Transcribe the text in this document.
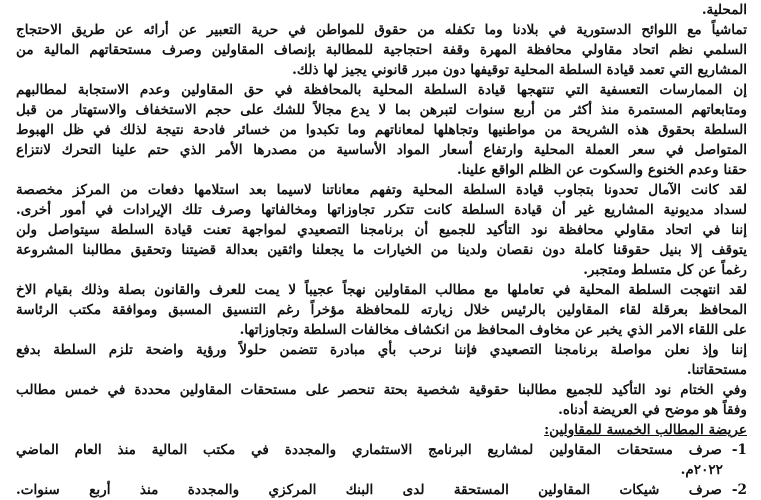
المحلية.
تماشياً مع اللوائح الدستورية في بلادنا وما تكفله من حقوق للمواطن في حرية التعبير عن أرائه عن طريق الاحتجاج
السلمي نظم اتحاد مقاولي محافظة المهرة وقفة احتجاجية للمطالبة بإنصاف المقاولين وصرف مستحقاتهم المالية من
المشاريع التي تعمد قيادة السلطة المحلية توقيفها دون مبرر قانوني يجيز لها ذلك.
إن الممارسات التعسفية التي تنتهجها قيادة السلطة المحلية بالمحافظة في حق المقاولين وعدم الاستجابة لمطالبهم
ومتابعاتهم المستمرة منذ أكثر من أربع سنوات لتبرهن بما لا يدع مجالاً للشك على حجم الاستخفاف والاستهتار من قبل
السلطة بحقوق هذه الشريحة من مواطنيها وتجاهلها لمعاناتهم وما تكبدوا من خسائر فادحة نتيجة لذلك في ظل الهبوط
المتواصل في سعر العملة المحلية وارتفاع أسعار المواد الأساسية من مصدرها الأمر الذي حتم علينا التحرك لانتزاع
حقنا وعدم الخنوع والسكوت عن الظلم الواقع علينا.
لقد كانت الآمال تحدونا بتجاوب قيادة السلطة المحلية وتفهم معاناتنا لاسيما بعد استلامها دفعات من المركز مخصصة
لسداد مديونية المشاريع غير أن قيادة السلطة كانت تتكرر تجاوزاتها ومخالفاتها وصرف تلك الإيرادات في أمور أخرى.
إننا في اتحاد مقاولي محافظة نود التأكيد للجميع أن برنامجنا التصعيدي لمواجهة تعنت قيادة السلطة سيتواصل ولن
يتوقف إلا بنيل حقوقنا كاملة دون نقصان ولدينا من الخيارات ما يجعلنا واثقين بعدالة قضيتنا وتحقيق مطالبنا المشروعة
رغماً عن كل متسلط ومتجبر.
لقد انتهجت السلطة المحلية في تعاملها مع مطالب المقاولين نهجاً عجيباً لا يمت للعرف والقانون بصلة وذلك بقيام الاخ
المحافظ بعرقلة لقاء المقاولين بالرئيس خلال زيارته للمحافظة مؤخراً رغم التنسيق المسبق وموافقة مكتب الرئاسة
على اللقاء الامر الذي يخبر عن مخاوف المحافظ من انكشاف مخالفات السلطة وتجاوزاتها.
إننا وإذ نعلن مواصلة برنامجنا التصعيدي فإننا نرحب بأي مبادرة تتضمن حلولاً ورؤية واضحة تلزم السلطة بدفع
مستحقاتنا.
وفي الختام نود التأكيد للجميع مطالبنا حقوقية شخصية بحتة تنحصر على مستحقات المقاولين محددة في خمس مطالب
وفقاً هو موضح في العريضة أدناه.
عريضة المطالب الخمسة للمقاولين:
-1
صرف مستحقات المقاولين لمشاريع البرنامج الاستثماري والمجددة في مكتب المالية منذ العام الماضي
٢٠٢٢م.
-2
صرف شيكات المقاولين المستحقة لدى البنك المركزي والمجددة منذ أربع سنوات.
